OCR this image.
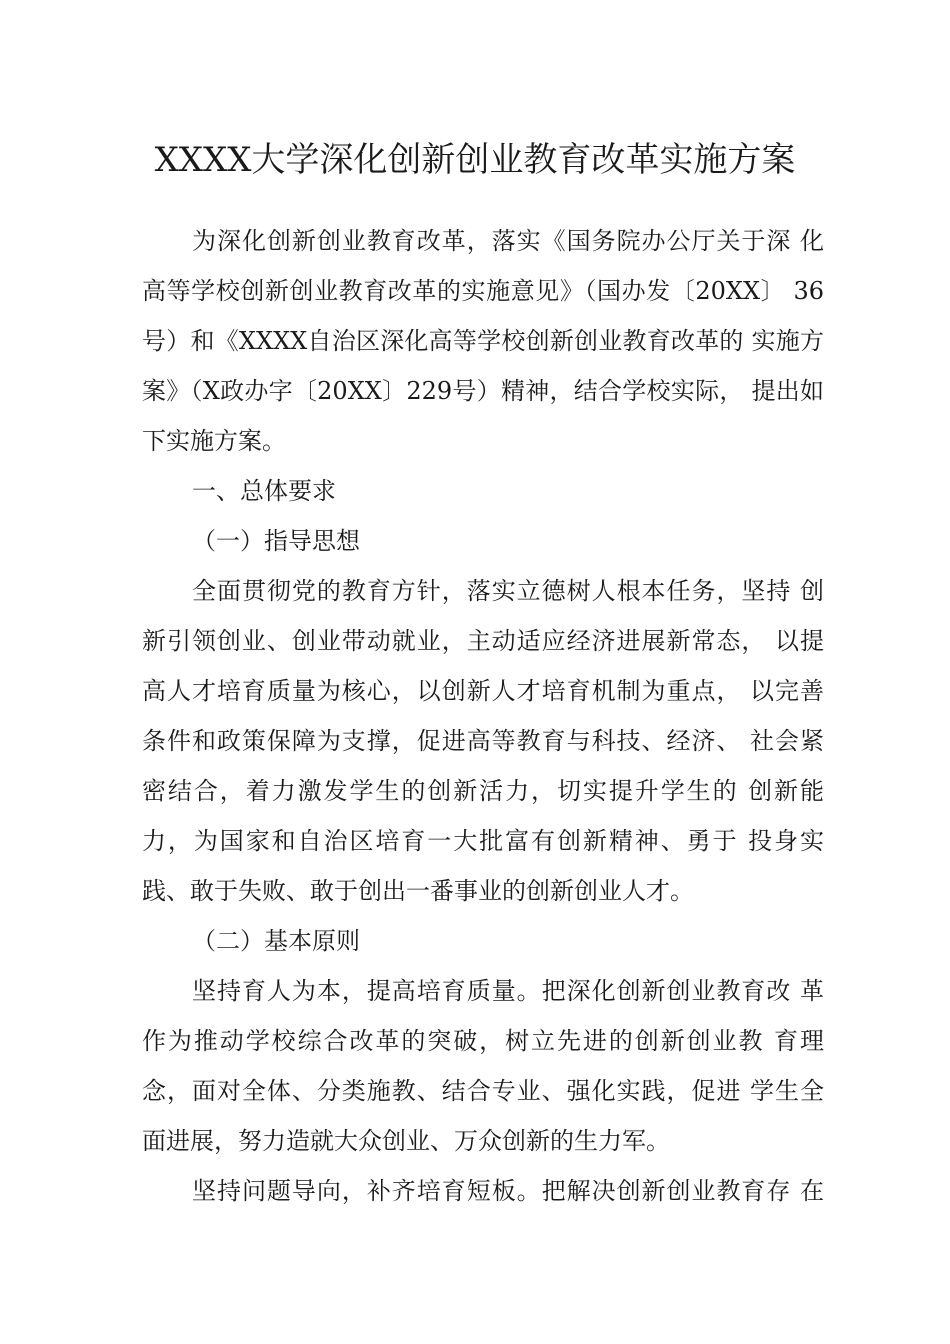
XXXX大学深化创新创业教育改革实施方案
为深化创新创业教育改革，落实《国务院办公厅关于深 化
高等学校创新创业教育改革的实施意见》（国办发〔20XX〕 36
号）和《XXXX自治区深化高等学校创新创业教育改革的 实施方
案》（X政办字〔20XX〕229号）精神，结合学校实际， 提出如
下实施方案。
一、总体要求
（一）指导思想
全面贯彻党的教育方针，落实立德树人根本任务，坚持 创
新引领创业、创业带动就业，主动适应经济进展新常态， 以提
高人才培育质量为核心，以创新人才培育机制为重点， 以完善
条件和政策保障为支撑，促进高等教育与科技、经济、 社会紧
密结合，着力激发学生的创新活力，切实提升学生的 创新能
力，为国家和自治区培育一大批富有创新精神、勇于 投身实
践、敢于失败、敢于创出一番事业的创新创业人才。
（二）基本原则
坚持育人为本，提高培育质量。把深化创新创业教育改 革
作为推动学校综合改革的突破，树立先进的创新创业教 育理
念，面对全体、分类施教、结合专业、强化实践，促进 学生全
面进展，努力造就大众创业、万众创新的生力军。
坚持问题导向，补齐培育短板。把解决创新创业教育存 在
